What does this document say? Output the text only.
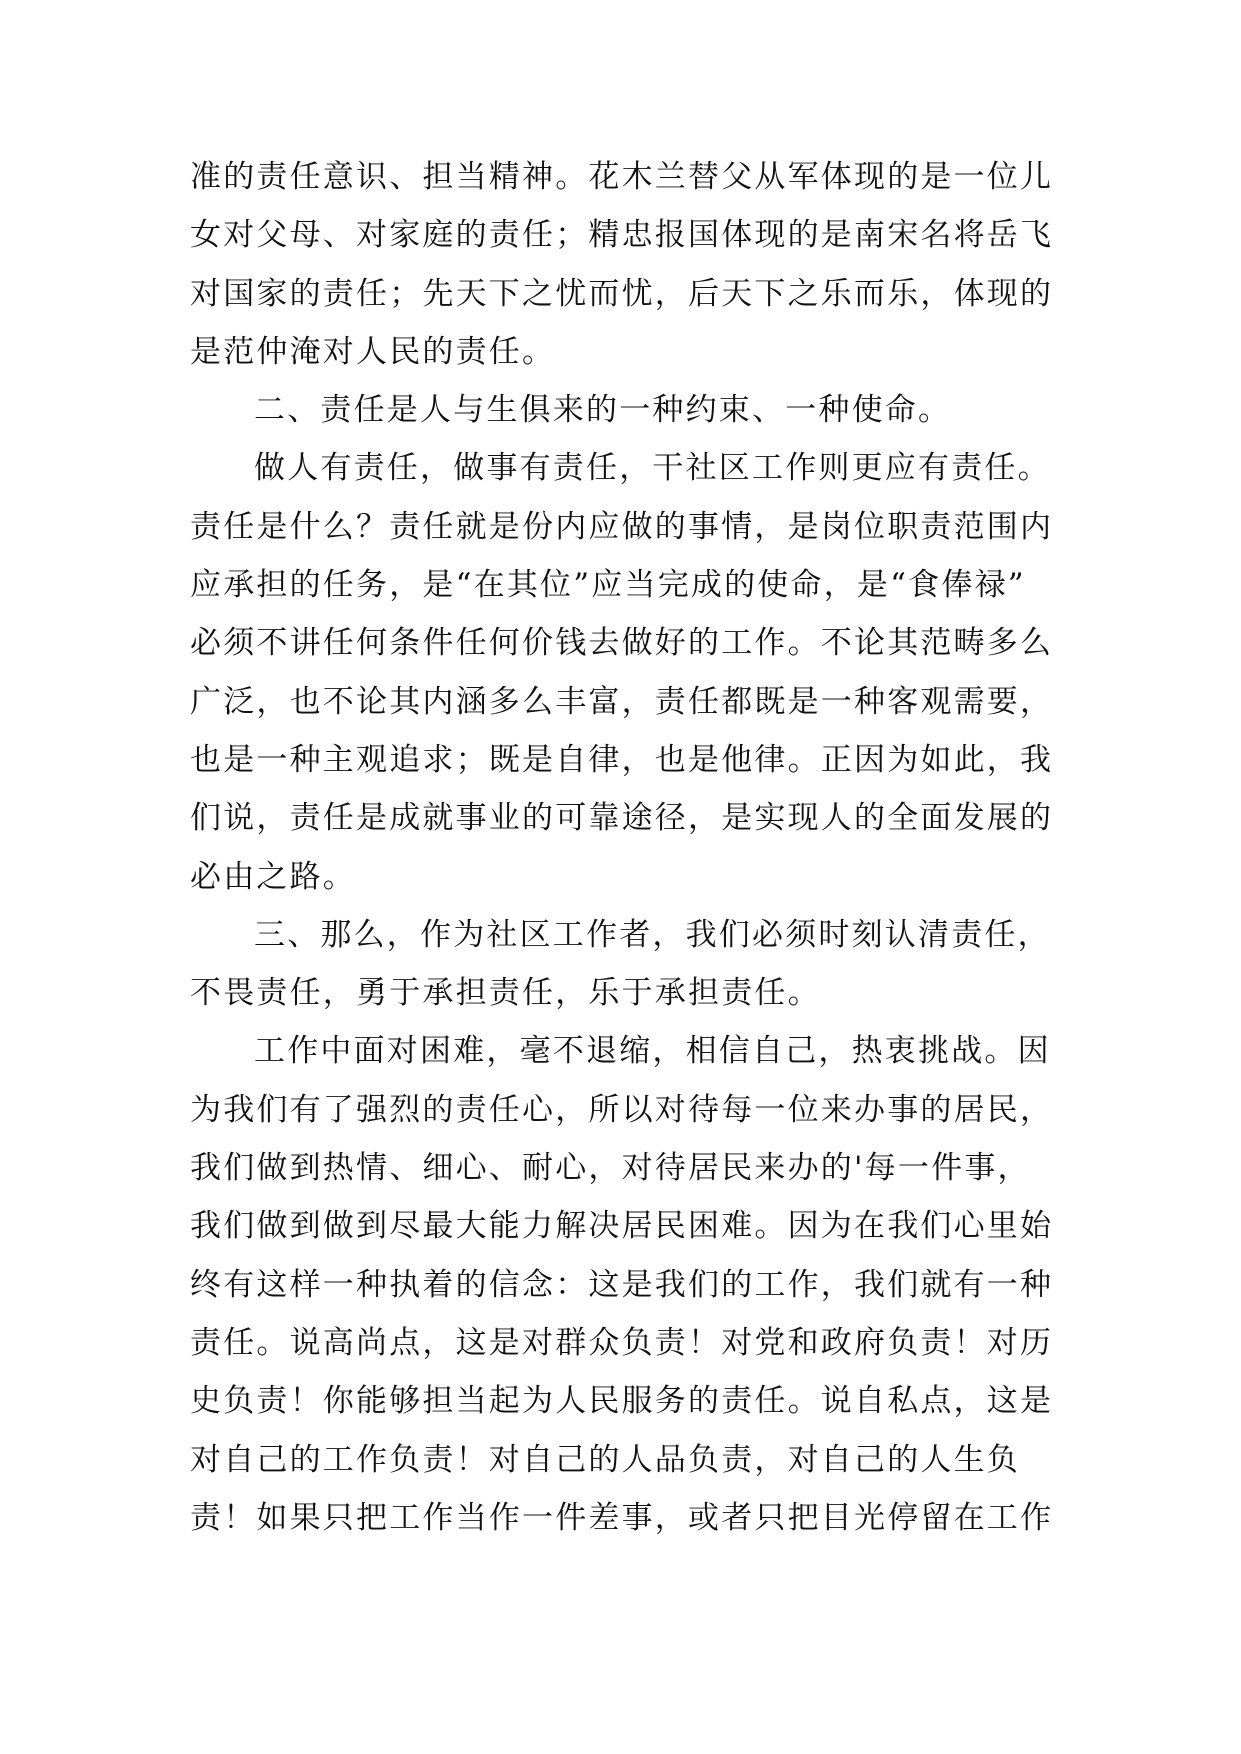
准的责任意识、担当精神。花木兰替父从军体现的是一位儿
女对父母、对家庭的责任；精忠报国体现的是南宋名将岳飞
对国家的责任；先天下之忧而忧，后天下之乐而乐，体现的
是范仲淹对人民的责任。
二、责任是人与生俱来的一种约束、一种使命。
做人有责任，做事有责任，干社区工作则更应有责任。
责任是什么？责任就是份内应做的事情，是岗位职责范围内
应承担的任务，是“在其位”应当完成的使命，是“食俸禄”
必须不讲任何条件任何价钱去做好的工作。不论其范畴多么
广泛，也不论其内涵多么丰富，责任都既是一种客观需要，
也是一种主观追求；既是自律，也是他律。正因为如此，我
们说，责任是成就事业的可靠途径，是实现人的全面发展的
必由之路。
三、那么，作为社区工作者，我们必须时刻认清责任，
不畏责任，勇于承担责任，乐于承担责任。
工作中面对困难，毫不退缩，相信自己，热衷挑战。因
为我们有了强烈的责任心，所以对待每一位来办事的居民，
我们做到热情、细心、耐心，对待居民来办的'每一件事，
我们做到做到尽最大能力解决居民困难。因为在我们心里始
终有这样一种执着的信念：这是我们的工作，我们就有一种
责任。说高尚点，这是对群众负责！对党和政府负责！对历
史负责！你能够担当起为人民服务的责任。说自私点，这是
对自己的工作负责！对自己的人品负责，对自己的人生负
责！如果只把工作当作一件差事，或者只把目光停留在工作
